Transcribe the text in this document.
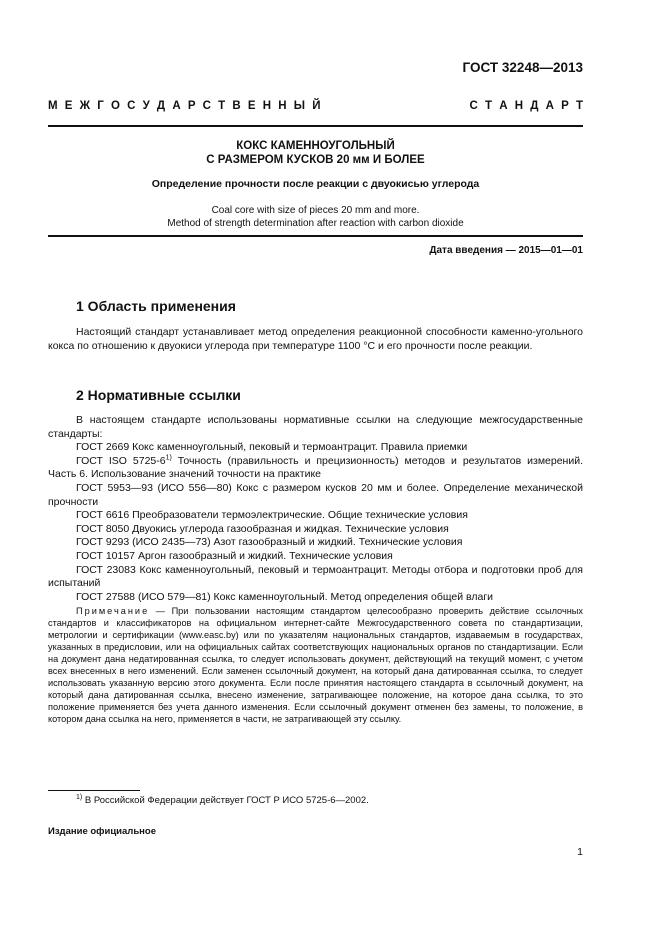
ГОСТ 32248—2013
М Е Ж Г О С У Д А Р С Т В Е Н Н Ы Й	С Т А Н Д А Р Т
КОКС КАМЕННОУГОЛЬНЫЙ
С РАЗМЕРОМ КУСКОВ 20 мм И БОЛЕЕ
Определение прочности после реакции с двуокисью углерода
Coal core with size of pieces 20 mm and more.
Method of strength determination after reaction with carbon dioxide
Дата введения — 2015—01—01
1 Область применения
Настоящий стандарт устанавливает метод определения реакционной способности каменно-угольного кокса по отношению к двуокиси углерода при температуре 1100 °С и его прочности после реакции.
2 Нормативные ссылки
В настоящем стандарте использованы нормативные ссылки на следующие межгосударственные стандарты:
ГОСТ 2669 Кокс каменноугольный, пековый и термоантрацит. Правила приемки
ГОСТ ISO 5725-6$^{1)}$ Точность (правильность и прецизионность) методов и результатов измерений. Часть 6. Использование значений точности на практике
ГОСТ 5953—93 (ИСО 556—80) Кокс с размером кусков 20 мм и более. Определение механической прочности
ГОСТ 6616 Преобразователи термоэлектрические. Общие технические условия
ГОСТ 8050 Двуокись углерода газообразная и жидкая. Технические условия
ГОСТ 9293 (ИСО 2435—73) Азот газообразный и жидкий. Технические условия
ГОСТ 10157 Аргон газообразный и жидкий. Технические условия
ГОСТ 23083 Кокс каменноугольный, пековый и термоантрацит. Методы отбора и подготовки проб для испытаний
ГОСТ 27588 (ИСО 579—81) Кокс каменноугольный. Метод определения общей влаги
Примечание — При пользовании настоящим стандартом целесообразно проверить действие ссылочных стандартов и классификаторов на официальном интернет-сайте Межгосударственного совета по стандартизации, метрологии и сертификации (www.easc.by) или по указателям национальных стандартов, издаваемым в государствах, указанных в предисловии, или на официальных сайтах соответствующих национальных органов по стандартизации. Если на документ дана недатированная ссылка, то следует использовать документ, действующий на текущий момент, с учетом всех внесенных в него изменений. Если заменен ссылочный документ, на который дана датированная ссылка, то следует использовать указанную версию этого документа. Если после принятия настоящего стандарта в ссылочный документ, на который дана датированная ссылка, внесено изменение, затрагивающее положение, на которое дана ссылка, то это положение применяется без учета данного изменения. Если ссылочный документ отменен без замены, то положение, в котором дана ссылка на него, применяется в части, не затрагивающей эту ссылку.
$^{1)}$ В Российской Федерации действует ГОСТ Р ИСО 5725-6—2002.
Издание официальное
1
